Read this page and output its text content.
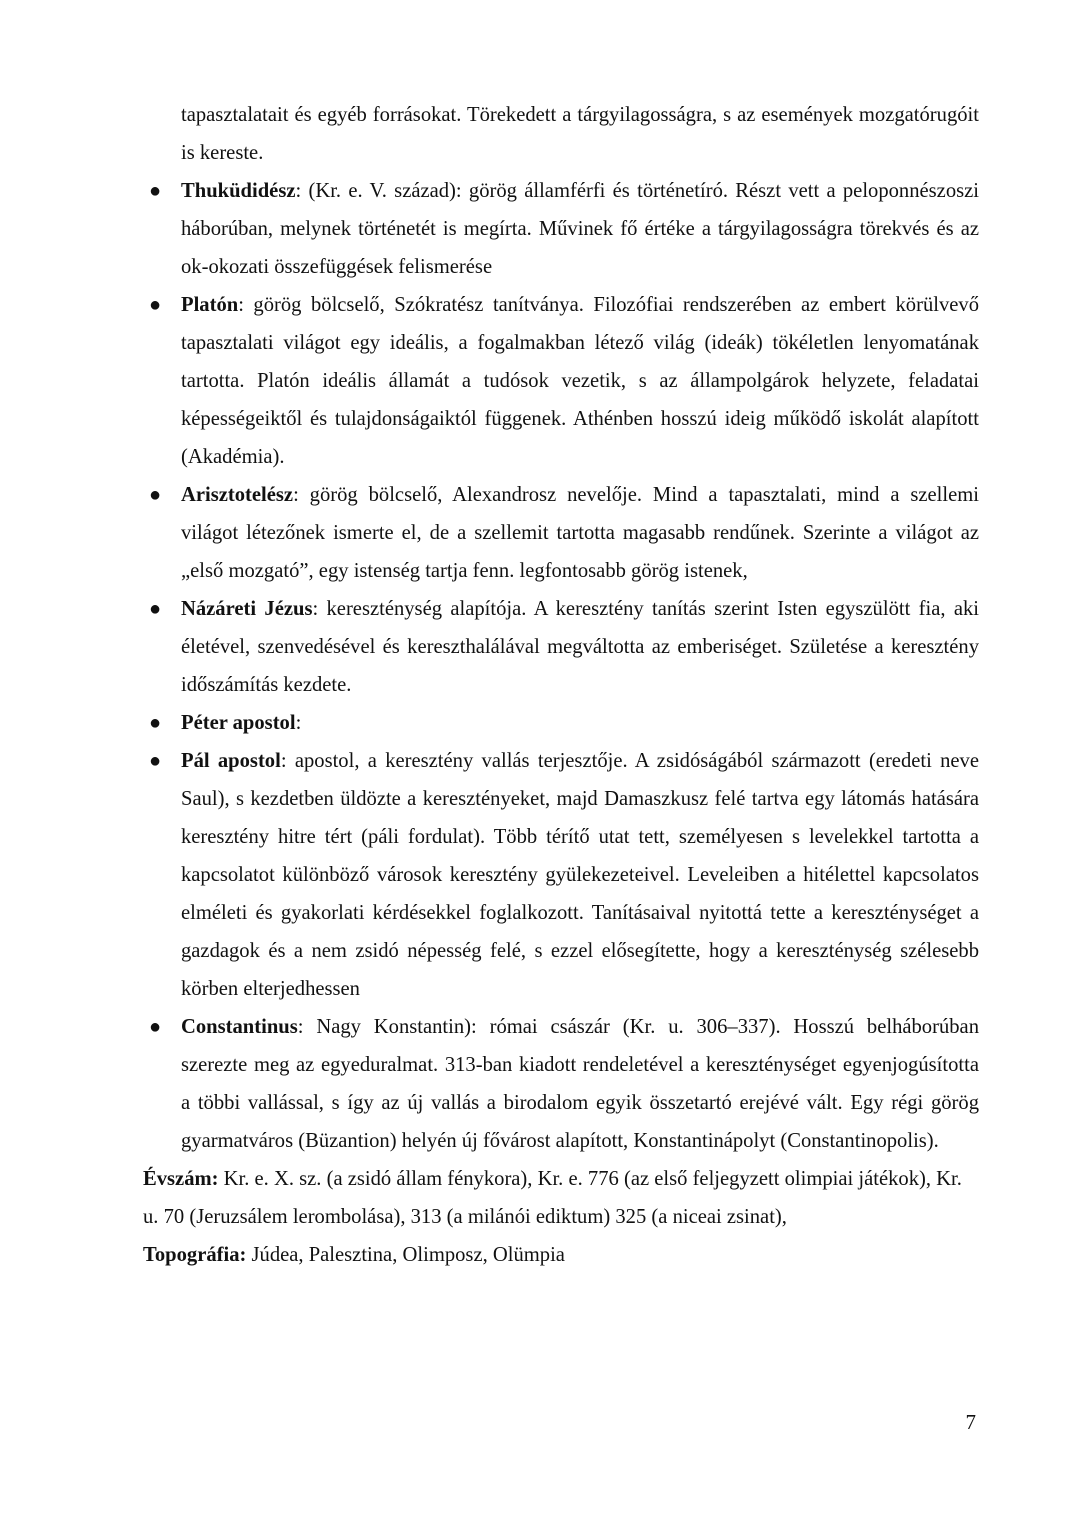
tapasztalatait és egyéb forrásokat. Törekedett a tárgyilagosságra, s az események mozgatórugóit is kereste.
● Thuküdidész: (Kr. e. V. század): görög államférfi és történetíró. Részt vett a peloponnészoszi háborúban, melynek történetét is megírta. Művinek fő értéke a tárgyilagosságra törekvés és az ok-okozati összefüggések felismerése
● Platón: görög bölcselő, Szókratész tanítványa. Filozófiai rendszerében az embert körülvevő tapasztalati világot egy ideális, a fogalmakban létező világ (ideák) tökéletlen lenyomatának tartotta. Platón ideális államát a tudósok vezetik, s az állampolgárok helyzete, feladatai képességeiktől és tulajdonságaiktól függenek. Athénben hosszú ideig működő iskolát alapított (Akadémia).
● Arisztotelész: görög bölcselő, Alexandrosz nevelője. Mind a tapasztalati, mind a szellemi világot létezőnek ismerte el, de a szellemit tartotta magasabb rendűnek. Szerinte a világot az „első mozgató”, egy istenség tartja fenn. legfontosabb görög istenek,
● Názáreti Jézus: kereszténység alapítója. A keresztény tanítás szerint Isten egyszülött fia, aki életével, szenvedésével és kereszthalálával megváltotta az emberiséget. Születése a keresztény időszámítás kezdete.
● Péter apostol:
● Pál apostol: apostol, a keresztény vallás terjesztője. A zsidóságából származott (eredeti neve Saul), s kezdetben üldözte a keresztényeket, majd Damaszkusz felé tartva egy látomás hatására keresztény hitre tért (páli fordulat). Több térítő utat tett, személyesen s levelekkel tartotta a kapcsolatot különböző városok keresztény gyülekezeteivel. Leveleiben a hitélettel kapcsolatos elméleti és gyakorlati kérdésekkel foglalkozott. Tanításaival nyitottá tette a kereszténységet a gazdagok és a nem zsidó népesség felé, s ezzel elősegítette, hogy a kereszténység szélesebb körben elterjedhessen
● Constantinus: Nagy Konstantin): római császár (Kr. u. 306–337). Hosszú belháborúban szerezte meg az egyeduralmat. 313-ban kiadott rendeletével a kereszténységet egyenjogúsította a többi vallással, s így az új vallás a birodalom egyik összetartó erejévé vált. Egy régi görög gyarmatváros (Büzantion) helyén új fővárost alapított, Konstantinápolyt (Constantinopolis).

Évszám: Kr. e. X. sz. (a zsidó állam fénykora), Kr. e. 776 (az első feljegyzett olimpiai játékok), Kr. u. 70 (Jeruzsálem lerombolása), 313 (a milánói ediktum) 325 (a niceai zsinat),

Topográfia: Júdea, Palesztina, Olimposz, Olümpia

7
